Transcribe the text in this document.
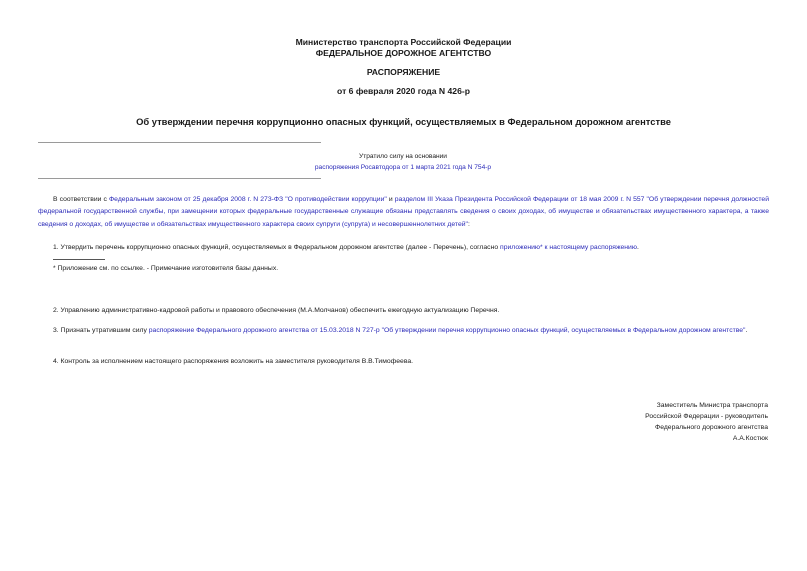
Министерство транспорта Российской Федерации
ФЕДЕРАЛЬНОЕ ДОРОЖНОЕ АГЕНТСТВО
РАСПОРЯЖЕНИЕ
от 6 февраля 2020 года N 426-р
Об утверждении перечня коррупционно опасных функций, осуществляемых в Федеральном дорожном агентстве
Утратило силу на основании
распоряжения Росавтодора от 1 марта 2021 года N 754-р
В соответствии с Федеральным законом от 25 декабря 2008 г. N 273-ФЗ "О противодействии коррупции" и разделом III Указа Президента Российской Федерации от 18 мая 2009 г. N 557 "Об утверждении перечня должностей федеральной государственной службы, при замещении которых федеральные государственные служащие обязаны представлять сведения о своих доходах, об имуществе и обязательствах имущественного характера, а также сведения о доходах, об имуществе и обязательствах имущественного характера своих супруги (супруга) и несовершеннолетних детей":
1. Утвердить перечень коррупционно опасных функций, осуществляемых в Федеральном дорожном агентстве (далее - Перечень), согласно приложению* к настоящему распоряжению.
* Приложение см. по ссылке. - Примечание изготовителя базы данных.
2. Управлению административно-кадровой работы и правового обеспечения (М.А.Молчанов) обеспечить ежегодную актуализацию Перечня.
3. Признать утратившим силу распоряжение Федерального дорожного агентства от 15.03.2018 N 727-р "Об утверждении перечня коррупционно опасных функций, осуществляемых в Федеральном дорожном агентстве".
4. Контроль за исполнением настоящего распоряжения возложить на заместителя руководителя В.В.Тимофеева.
Заместитель Министра транспорта
Российской Федерации - руководитель
Федерального дорожного агентства
А.А.Костюк
